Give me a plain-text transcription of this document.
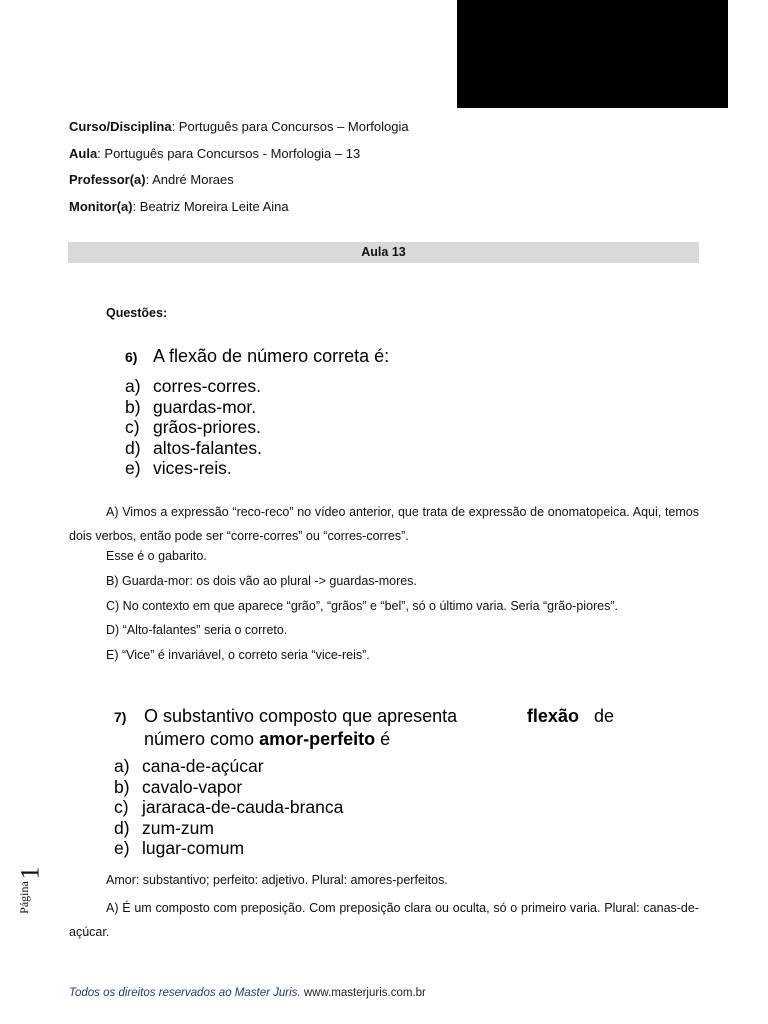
Curso/Disciplina: Português para Concursos – Morfologia
Aula: Português para Concursos - Morfologia – 13
Professor(a): André Moraes
Monitor(a): Beatriz Moreira Leite Aina
Aula 13
Questões:
6) A flexão de número correta é:
a) corres-corres.
b) guardas-mor.
c) grãos-priores.
d) altos-falantes.
e) vices-reis.
A) Vimos a expressão “reco-reco” no vídeo anterior, que trata de expressão de onomatopeica. Aqui, temos dois verbos, então pode ser “corre-corres” ou “corres-corres”.
Esse é o gabarito.
B) Guarda-mor: os dois vão ao plural -> guardas-mores.
C) No contexto em que aparece “grão”, “grãos” e “bel”, só o último varia. Seria “grão-piores”.
D) “Alto-falantes” seria o correto.
E) “Vice” é invariável, o correto seria “vice-reis”.
7) O substantivo composto que apresenta	flexão de
número como amor-perfeito é
a) cana-de-açúcar
b) cavalo-vapor
c) jararaca-de-cauda-branca
d) zum-zum
e) lugar-comum
Amor: substantivo; perfeito: adjetivo. Plural: amores-perfeitos.
A) É um composto com preposição. Com preposição clara ou oculta, só o primeiro varia. Plural: canas-de-açúcar.
Página
1
Todos os direitos reservados ao Master Juris. www.masterjuris.com.br
